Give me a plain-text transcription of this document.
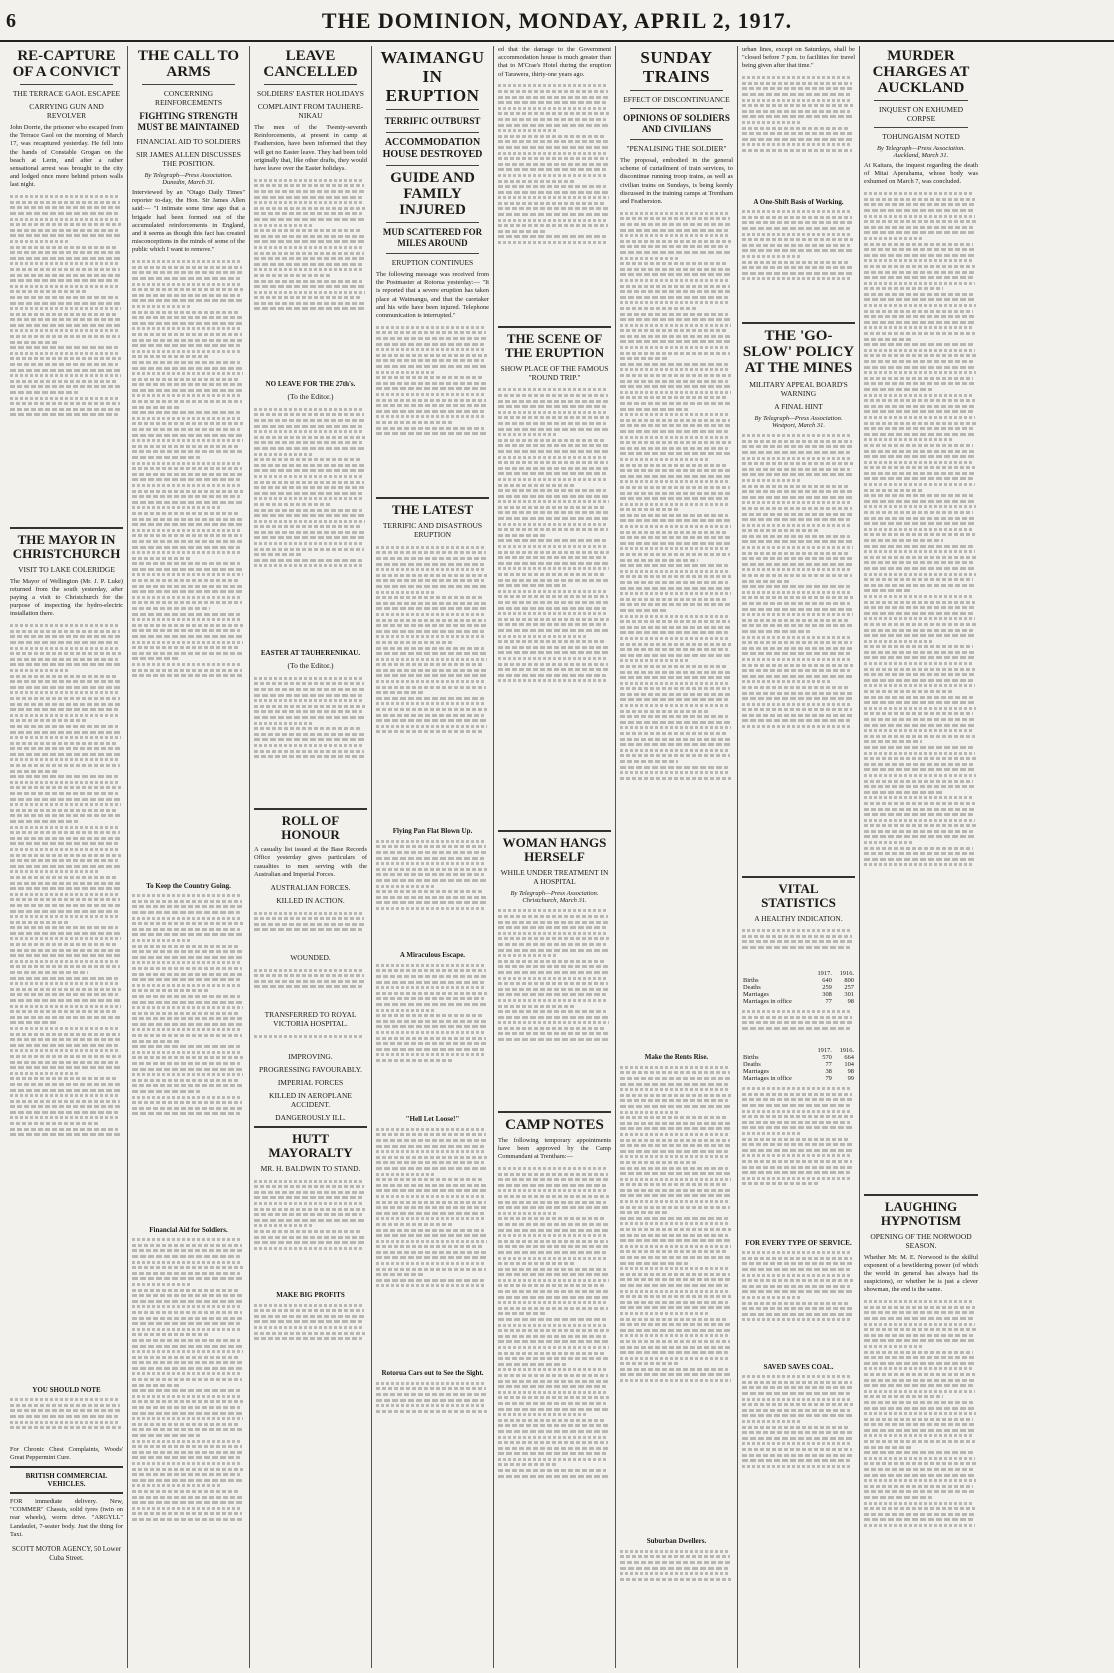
6	THE DOMINION, MONDAY, APRIL 2, 1917.
RE-CAPTURE OF A CONVICT
THE TERRACE GAOL ESCAPEE
CARRYING GUN AND REVOLVER
John Dorrie, the prisoner who escaped from the Terrace Gaol on the morning of March 17, was recaptured yesterday. He fell into the hands of Constable Grogan on the beach at Lerin, and after a rather sensational arrest was brought to the city and lodged once more behind prison walls last night.
THE MAYOR IN CHRISTCHURCH
VISIT TO LAKE COLERIDGE
The Mayor of Wellington (Mr. J. P. Luke) returned from the south yesterday, after paying a visit to Christchurch for the purpose of inspecting the hydro-electric installation there.
YOU SHOULD NOTE
For Chronic Chest Complaints, Woods' Great Peppermint Cure.
BRITISH COMMERCIAL VEHICLES.
FOR immediate delivery. New, "COMMER" Chassis, solid tyres (twin on rear wheels), worm drive. "ARGYLL" Landaulet, 7-seater body. Just the thing for Taxi.
SCOTT MOTOR AGENCY, 50 Lower Cuba Street.
THE CALL TO ARMS
CONCERNING REINFORCEMENTS
FIGHTING STRENGTH MUST BE MAINTAINED
FINANCIAL AID TO SOLDIERS
SIR JAMES ALLEN DISCUSSES THE POSITION.
By Telegraph—Press Association. Dunedin, March 31.
Interviewed by an "Otago Daily Times" reporter to-day, the Hon. Sir James Allen said:— "I intimate some time ago that a brigade had been formed out of the accumulated reinforcements in England, and it seems as though this fact has created misconceptions in the minds of some of the public which I want to remove."
To Keep the Country Going.
Financial Aid for Soldiers.
LEAVE CANCELLED
SOLDIERS' EASTER HOLIDAYS
COMPLAINT FROM TAUHERE-NIKAU
The men of the Twenty-seventh Reinforcements, at present in camp at Featherston, have been informed that they will get no Easter leave. They had been told originally that, like other drafts, they would have leave over the Easter holidays.
NO LEAVE FOR THE 27th's.
(To the Editor.)
EASTER AT TAUHERENIKAU.
(To the Editor.)
ROLL OF HONOUR
A casualty list issued at the Base Records Office yesterday gives particulars of casualties to men serving with the Australian and Imperial Forces.
AUSTRALIAN FORCES.
KILLED IN ACTION.
WOUNDED.
TRANSFERRED TO ROYAL VICTORIA HOSPITAL.
IMPROVING.
PROGRESSING FAVOURABLY.
IMPERIAL FORCES
KILLED IN AEROPLANE ACCIDENT.
DANGEROUSLY ILL.
HUTT MAYORALTY
MR. H. BALDWIN TO STAND.
MAKE BIG PROFITS
WAIMANGU IN ERUPTION
TERRIFIC OUTBURST
ACCOMMODATION HOUSE DESTROYED
GUIDE AND FAMILY INJURED
MUD SCATTERED FOR MILES AROUND
ERUPTION CONTINUES
The following message was received from the Postmaster at Rotorua yesterday:— "It is reported that a severe eruption has taken place at Waimangu, and that the caretaker and his wife have been injured. Telephone communication is interrupted."
THE LATEST
TERRIFIC AND DISASTROUS ERUPTION
Flying Pan Flat Blown Up.
A Miraculous Escape.
"Hell Let Loose!"
Rotorua Cars out to See the Sight.
ed that the damage to the Government accommodation house is much greater than that to M'Crae's Hotel during the eruption of Tarawera, thirty-one years ago.
THE SCENE OF THE ERUPTION
SHOW PLACE OF THE FAMOUS "ROUND TRIP."
WOMAN HANGS HERSELF
WHILE UNDER TREATMENT IN A HOSPITAL
By Telegraph—Press Association. Christchurch, March 31.
CAMP NOTES
The following temporary appointments have been approved by the Camp Commandant at Trentham:—
SUNDAY TRAINS
EFFECT OF DISCONTINUANCE
OPINIONS OF SOLDIERS AND CIVILIANS
"PENALISING THE SOLDIER"
The proposal, embodied in the general scheme of curtailment of train services, to discontinue running troop trains, as well as civilian trains on Sundays, is being keenly discussed in the training camps at Trentham and Featherston.
Make the Rents Rise.
Suburban Dwellers.
urban lines, except on Saturdays, shall be "closed before 7 p.m. to facilities for travel being given after that time."
A One-Shift Basis of Working.
THE 'GO-SLOW' POLICY AT THE MINES
MILITARY APPEAL BOARD'S WARNING
A FINAL HINT
By Telegraph—Press Association. Westport, March 31.
VITAL STATISTICS
A HEALTHY INDICATION.
	1917.	1916.
Births	640	800
Deaths	259	257
Marriages	308	301
Marriages in office	77	98
	1917.	1916.
Births	570	664
Deaths	77	104
Marriages	38	98
Marriages in office	79	99
FOR EVERY TYPE OF SERVICE.
SAVED SAVES COAL.
MURDER CHARGES AT AUCKLAND
INQUEST ON EXHUMED CORPSE
TOHUNGAISM NOTED
By Telegraph—Press Association. Auckland, March 31.
At Kaitara, the inquest regarding the death of Mitai Aperahama, whose body was exhumed on March 7, was concluded.
LAUGHING HYPNOTISM
OPENING OF THE NORWOOD SEASON.
Whether Mr. M. E. Norwood is the skilful exponent of a bewildering power (of which the world in general has always had its suspicions), or whether he is just a clever showman, the end is the same.
